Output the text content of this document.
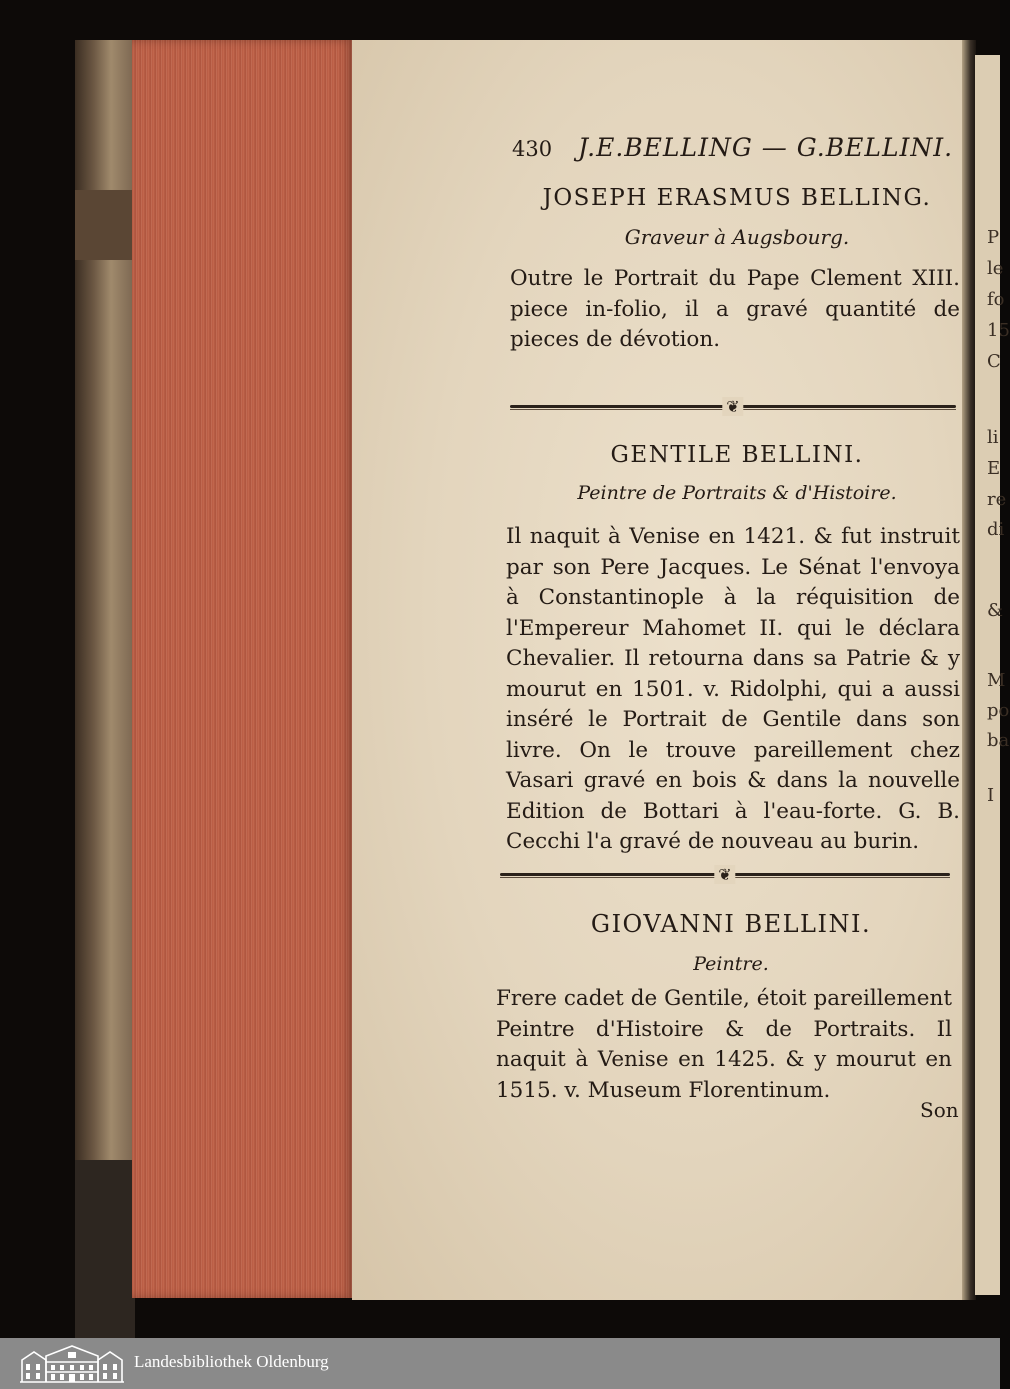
P
le
fo
15
C
li
E
re
di
&
M
po
ba
I
430 J.E.BELLING — G.BELLINI.
JOSEPH ERASMUS BELLING.
Graveur à Augsbourg.
Outre le Portrait du Pape Clement XIII. piece in-folio, il a gravé quantité de pieces de dévotion.
❦
GENTILE BELLINI.
Peintre de Portraits & d'Histoire.
Il naquit à Venise en 1421. & fut instruit par son Pere Jacques. Le Sénat l'envoya à Constantinople à la réquisition de l'Empereur Mahomet II. qui le déclara Chevalier. Il retourna dans sa Patrie & y mourut en 1501. v. Ridolphi, qui a aussi inséré le Portrait de Gentile dans son livre. On le trouve pareillement chez Vasari gravé en bois & dans la nouvelle Edition de Bottari à l'eau-forte. G. B. Cecchi l'a gravé de nouveau au burin.
❦
GIOVANNI BELLINI.
Peintre.
Frere cadet de Gentile, étoit pareillement Peintre d'Histoire & de Portraits. Il naquit à Venise en 1425. & y mourut en 1515. v. Museum Florentinum.
Son
Landesbibliothek Oldenburg
